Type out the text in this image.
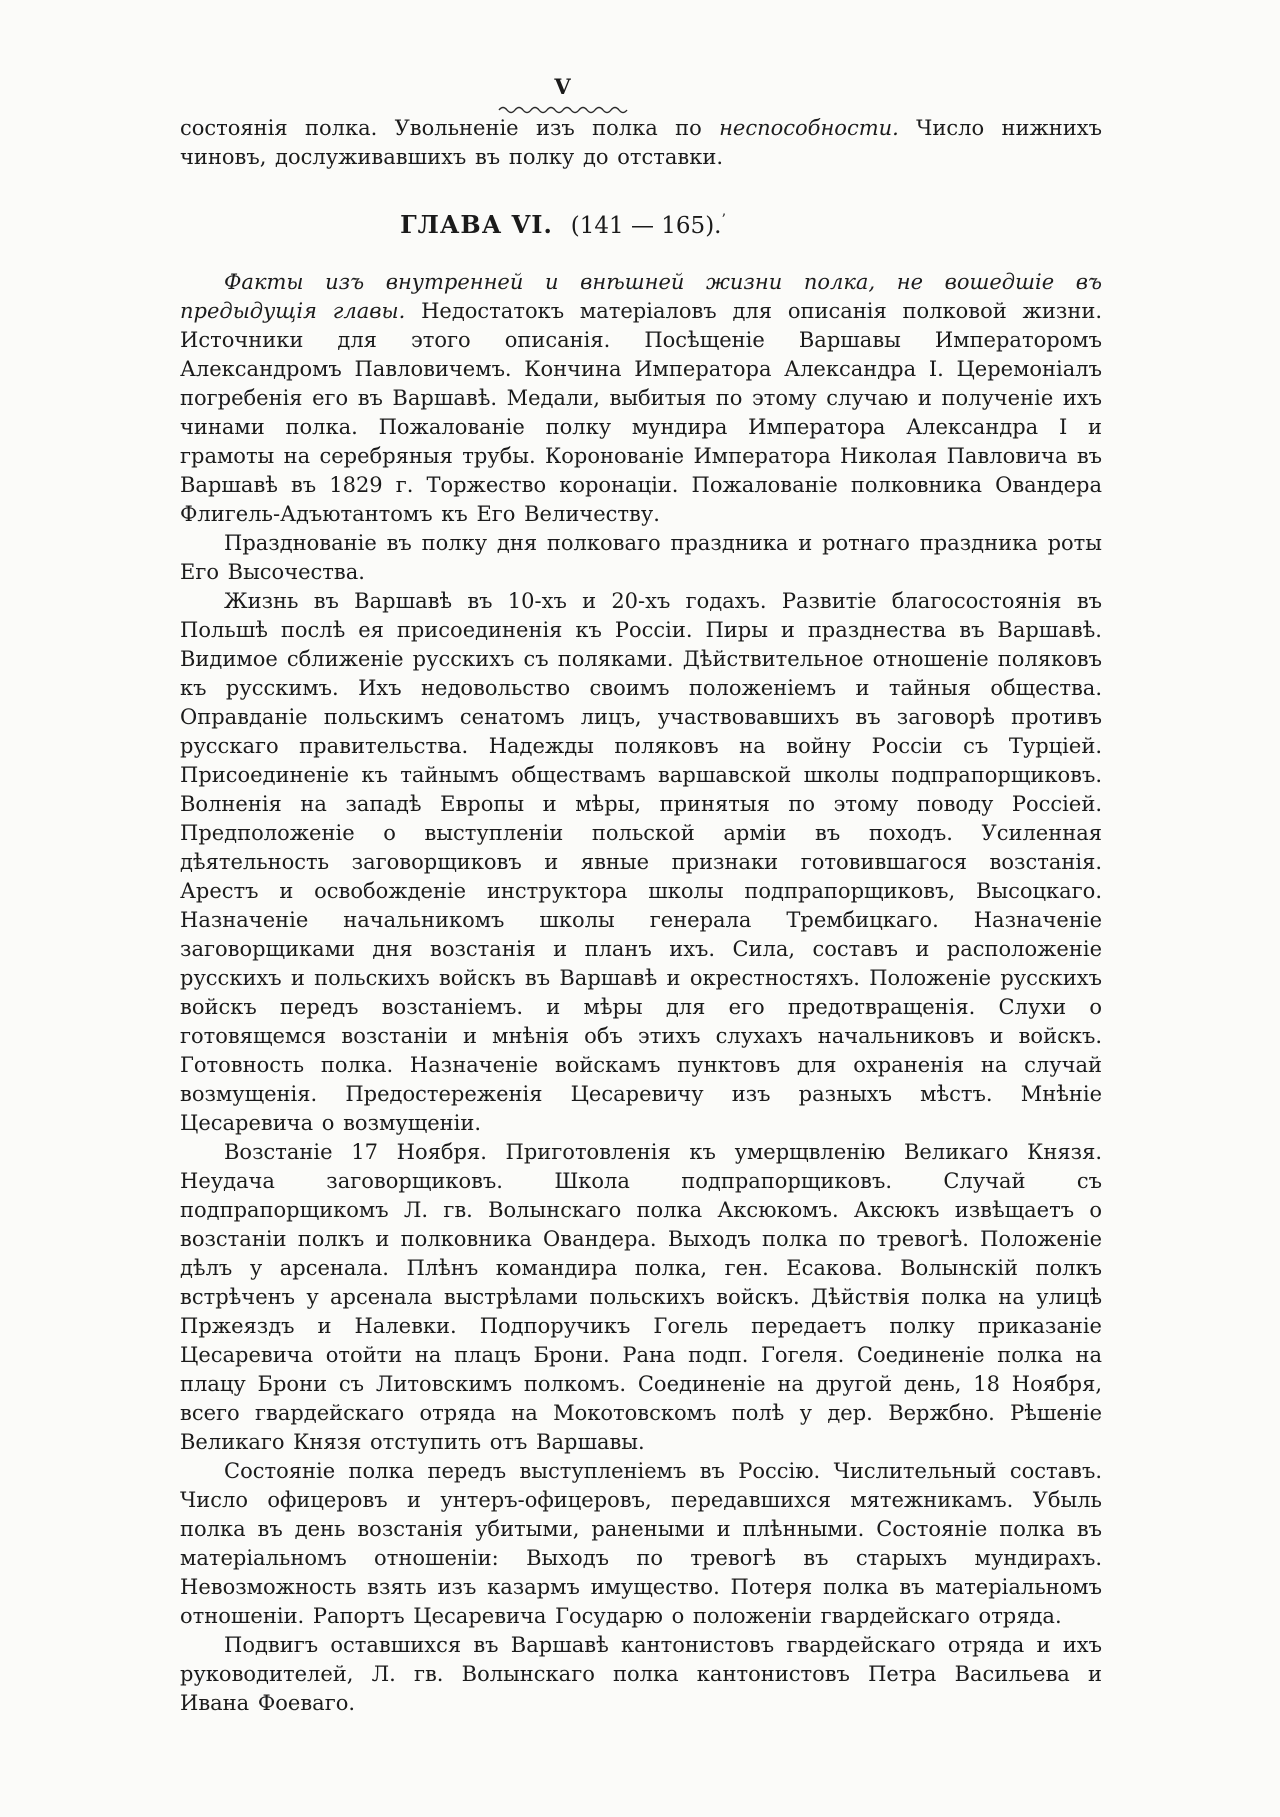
V

состоянія полка. Увольненіе изъ полка по неспособности. Число нижнихъ чиновъ, дослуживавшихъ въ полку до отставки.

ГЛАВА VI. (141 — 165).’

Факты изъ внутренней и внѣшней жизни полка, не вошедшіе въ предыдущія главы. Недостатокъ матеріаловъ для описанія полковой жизни. Источники для этого описанія. Посѣщеніе Варшавы Императоромъ Александромъ Павловичемъ. Кончина Императора Александра I. Церемоніалъ погребенія его въ Варшавѣ. Медали, выбитыя по этому случаю и полученіе ихъ чинами полка. Пожалованіе полку мундира Императора Александра I и грамоты на серебряныя трубы. Коронованіе Императора Николая Павловича въ Варшавѣ въ 1829 г. Торжество коронаціи. Пожалованіе полковника Овандера Флигель-Адъютантомъ къ Его Величеству.

Празднованіе въ полку дня полковаго праздника и ротнаго праздника роты Его Высочества.

Жизнь въ Варшавѣ въ 10-хъ и 20-хъ годахъ. Развитіе благосостоянія въ Польшѣ послѣ ея присоединенія къ Россіи. Пиры и празднества въ Варшавѣ. Видимое сближеніе русскихъ съ поляками. Дѣйствительное отношеніе поляковъ къ русскимъ. Ихъ недовольство своимъ положеніемъ и тайныя общества. Оправданіе польскимъ сенатомъ лицъ, участвовавшихъ въ заговорѣ противъ русскаго правительства. Надежды поляковъ на войну Россіи съ Турціей. Присоединеніе къ тайнымъ обществамъ варшавской школы подпрапорщиковъ. Волненія на западѣ Европы и мѣры, принятыя по этому поводу Россіей. Предположеніе о выступленіи польской арміи въ походъ. Усиленная дѣятельность заговорщиковъ и явные признаки готовившагося возстанія. Арестъ и освобожденіе инструктора школы подпрапорщиковъ, Высоцкаго. Назначеніе начальникомъ школы генерала Трембицкаго. Назначеніе заговорщиками дня возстанія и планъ ихъ. Сила, составъ и расположеніе русскихъ и польскихъ войскъ въ Варшавѣ и окрестностяхъ. Положеніе русскихъ войскъ передъ возстаніемъ. и мѣры для его предотвращенія. Слухи о готовящемся возстаніи и мнѣнія объ этихъ слухахъ начальниковъ и войскъ. Готовность полка. Назначеніе войскамъ пунктовъ для охраненія на случай возмущенія. Предостереженія Цесаревичу изъ разныхъ мѣстъ. Мнѣніе Цесаревича о возмущеніи.

Возстаніе 17 Ноября. Приготовленія къ умерщвленію Великаго Князя. Неудача заговорщиковъ. Школа подпрапорщиковъ. Случай съ подпрапорщикомъ Л. гв. Волынскаго полка Аксюкомъ. Аксюкъ извѣщаетъ о возстаніи полкъ и полковника Овандера. Выходъ полка по тревогѣ. Положеніе дѣлъ у арсенала. Плѣнъ командира полка, ген. Есакова. Волынскій полкъ встрѣченъ у арсенала выстрѣлами польскихъ войскъ. Дѣйствія полка на улицѣ Пржеяздъ и Налевки. Подпоручикъ Гогель передаетъ полку приказаніе Цесаревича отойти на плацъ Брони. Рана подп. Гогеля. Соединеніе полка на плацу Брони съ Литовскимъ полкомъ. Соединеніе на другой день, 18 Ноября, всего гвардейскаго отряда на Мокотовскомъ полѣ у дер. Вержбно. Рѣшеніе Великаго Князя отступить отъ Варшавы.

Состояніе полка передъ выступленіемъ въ Россію. Числительный составъ. Число офицеровъ и унтеръ-офицеровъ, передавшихся мятежникамъ. Убыль полка въ день возстанія убитыми, ранеными и плѣнными. Состояніе полка въ матеріальномъ отношеніи: Выходъ по тревогѣ въ старыхъ мундирахъ. Невозможность взять изъ казармъ имущество. Потеря полка въ матеріальномъ отношеніи. Рапортъ Цесаревича Государю о положеніи гвардейскаго отряда.

Подвигъ оставшихся въ Варшавѣ кантонистовъ гвардейскаго отряда и ихъ руководителей, Л. гв. Волынскаго полка кантонистовъ Петра Васильева и Ивана Фоеваго.
